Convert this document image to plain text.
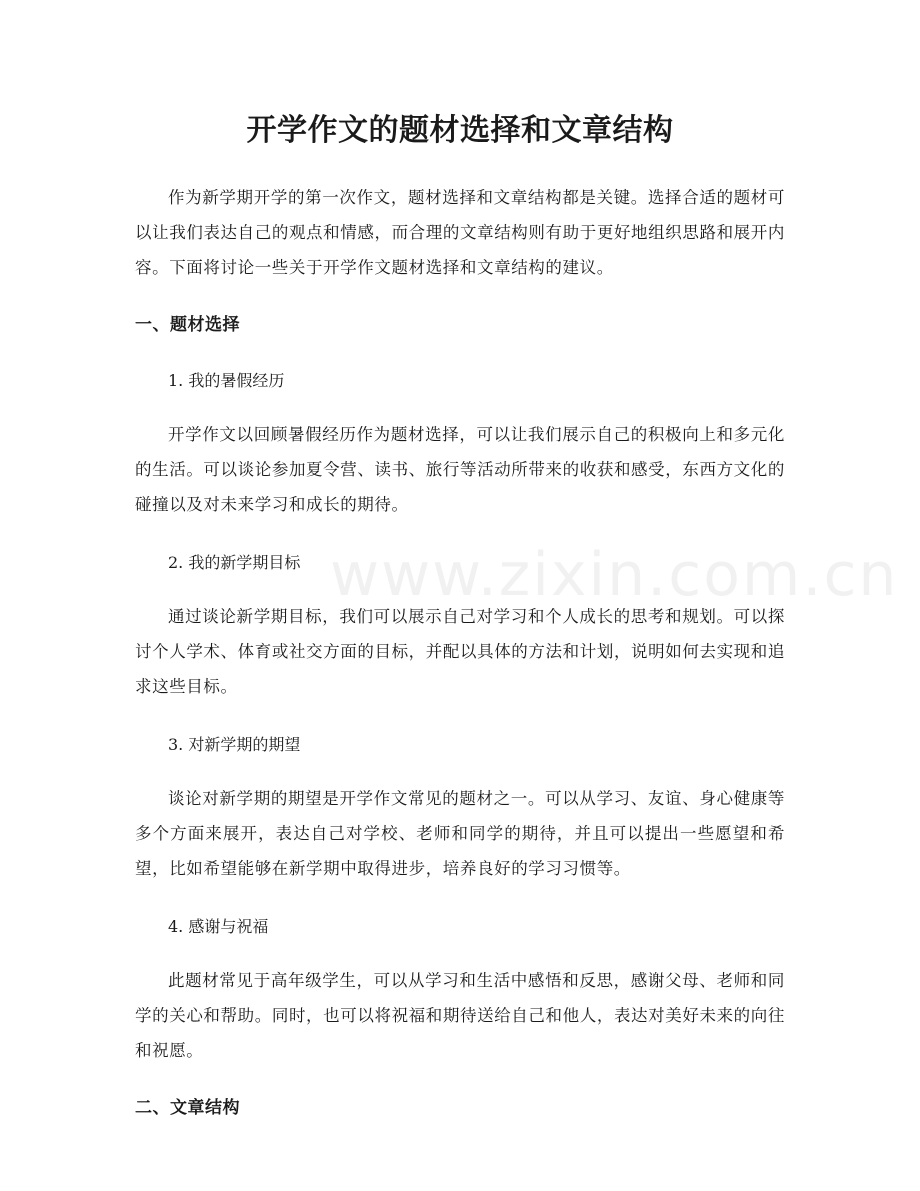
开学作文的题材选择和文章结构

作为新学期开学的第一次作文，题材选择和文章结构都是关键。选择合适的题材可以让我们表达自己的观点和情感，而合理的文章结构则有助于更好地组织思路和展开内容。下面将讨论一些关于开学作文题材选择和文章结构的建议。

一、题材选择
1. 我的暑假经历

开学作文以回顾暑假经历作为题材选择，可以让我们展示自己的积极向上和多元化的生活。可以谈论参加夏令营、读书、旅行等活动所带来的收获和感受，东西方文化的碰撞以及对未来学习和成长的期待。

2. 我的新学期目标

通过谈论新学期目标，我们可以展示自己对学习和个人成长的思考和规划。可以探讨个人学术、体育或社交方面的目标，并配以具体的方法和计划，说明如何去实现和追求这些目标。

3. 对新学期的期望

谈论对新学期的期望是开学作文常见的题材之一。可以从学习、友谊、身心健康等多个方面来展开，表达自己对学校、老师和同学的期待，并且可以提出一些愿望和希望，比如希望能够在新学期中取得进步，培养良好的学习习惯等。

4. 感谢与祝福

此题材常见于高年级学生，可以从学习和生活中感悟和反思，感谢父母、老师和同学的关心和帮助。同时，也可以将祝福和期待送给自己和他人，表达对美好未来的向往和祝愿。

二、文章结构
www.zixin.com.cn
